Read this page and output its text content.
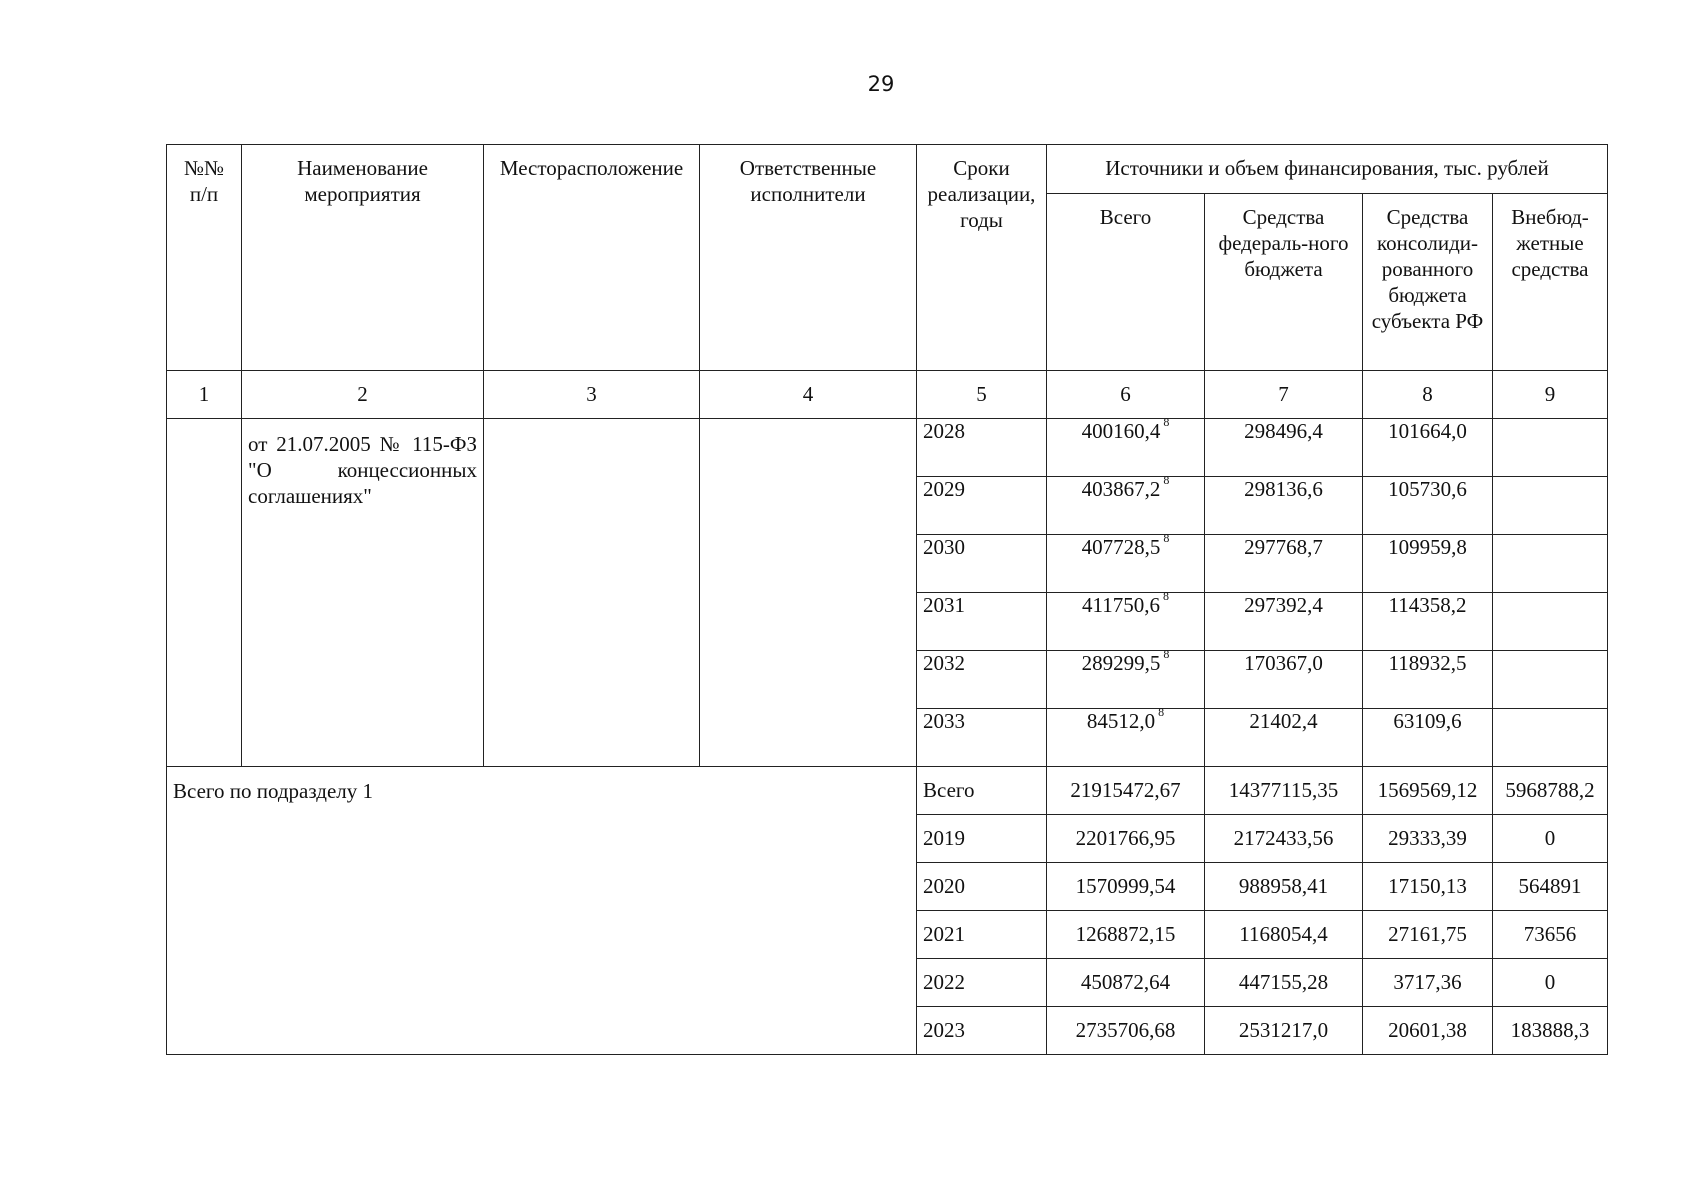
29
№№ п/п	Наименование мероприятия	Месторасположение	Ответственные исполнители	Сроки реализации, годы	Источники и объем финансирования, тыс. рублей			
					Всего	Средства федераль-ного бюджета	Средства консолиди-рованного бюджета субъекта РФ	Внебюд-жетные средства
1	2	3	4	5	6	7	8	9
	от 21.07.2005 № 115-ФЗ "О концессионных соглашениях"			2028	400160,4 $^8$	298496,4	101664,0	
				2029	403867,2 $^8$	298136,6	105730,6	
				2030	407728,5 $^8$	297768,7	109959,8	
				2031	411750,6 $^8$	297392,4	114358,2	
				2032	289299,5 $^8$	170367,0	118932,5	
				2033	84512,0 $^8$	21402,4	63109,6	
Всего по подразделу 1				Всего	21915472,67	14377115,35	1569569,12	5968788,2
				2019	2201766,95	2172433,56	29333,39	0
				2020	1570999,54	988958,41	17150,13	564891
				2021	1268872,15	1168054,4	27161,75	73656
				2022	450872,64	447155,28	3717,36	0
				2023	2735706,68	2531217,0	20601,38	183888,3
